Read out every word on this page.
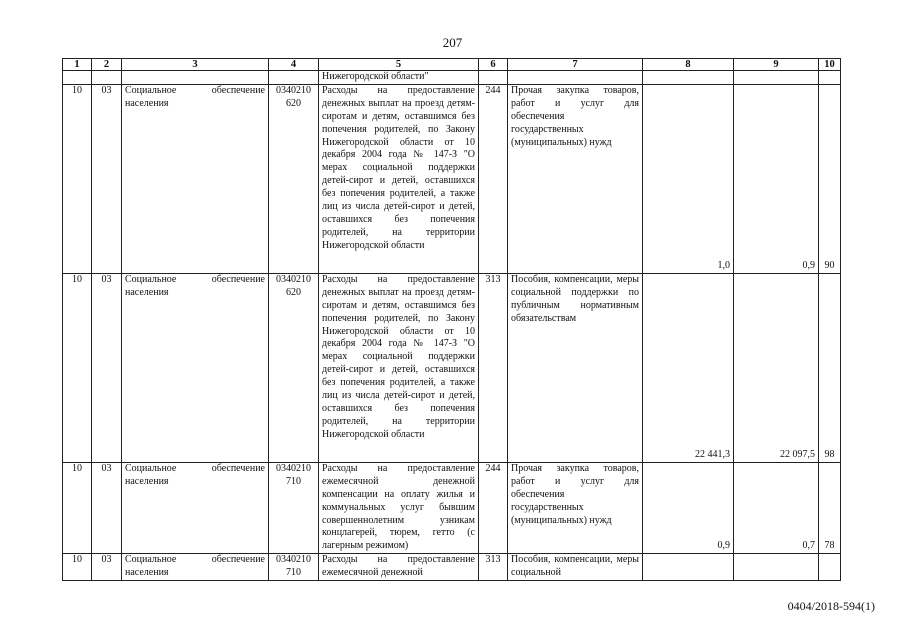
207
1	2	3	4	5	6	7	8	9	10
				Нижегородской области"					
10	03	Социальное обеспечение населения	0340210 620	Расходы на предоставление денежных выплат на проезд детям-сиротам и детям, оставшимся без попечения родителей, по Закону Нижегородской области от 10 декабря 2004 года № 147-З "О мерах социальной поддержки детей-сирот и детей, оставшихся без попечения родителей, а также лиц из числа детей-сирот и детей, оставшихся без попечения родителей, на территории Нижегородской области	244	Прочая закупка товаров, работ и услуг для обеспечения государственных (муниципальных) нужд	1,0	0,9	90
10	03	Социальное обеспечение населения	0340210 620	Расходы на предоставление денежных выплат на проезд детям-сиротам и детям, оставшимся без попечения родителей, по Закону Нижегородской области от 10 декабря 2004 года № 147-З "О мерах социальной поддержки детей-сирот и детей, оставшихся без попечения родителей, а также лиц из числа детей-сирот и детей, оставшихся без попечения родителей, на территории Нижегородской области	313	Пособия, компенсации, меры социальной поддержки по публичным нормативным обязательствам	22 441,3	22 097,5	98
10	03	Социальное обеспечение населения	0340210 710	Расходы на предоставление ежемесячной денежной компенсации на оплату жилья и коммунальных услуг бывшим совершеннолетним узникам концлагерей, тюрем, гетто (с лагерным режимом)	244	Прочая закупка товаров, работ и услуг для обеспечения государственных (муниципальных) нужд	0,9	0,7	78
10	03	Социальное обеспечение населения	0340210 710	Расходы на предоставление ежемесячной денежной	313	Пособия, компенсации, меры социальной			
0404/2018-594(1)
